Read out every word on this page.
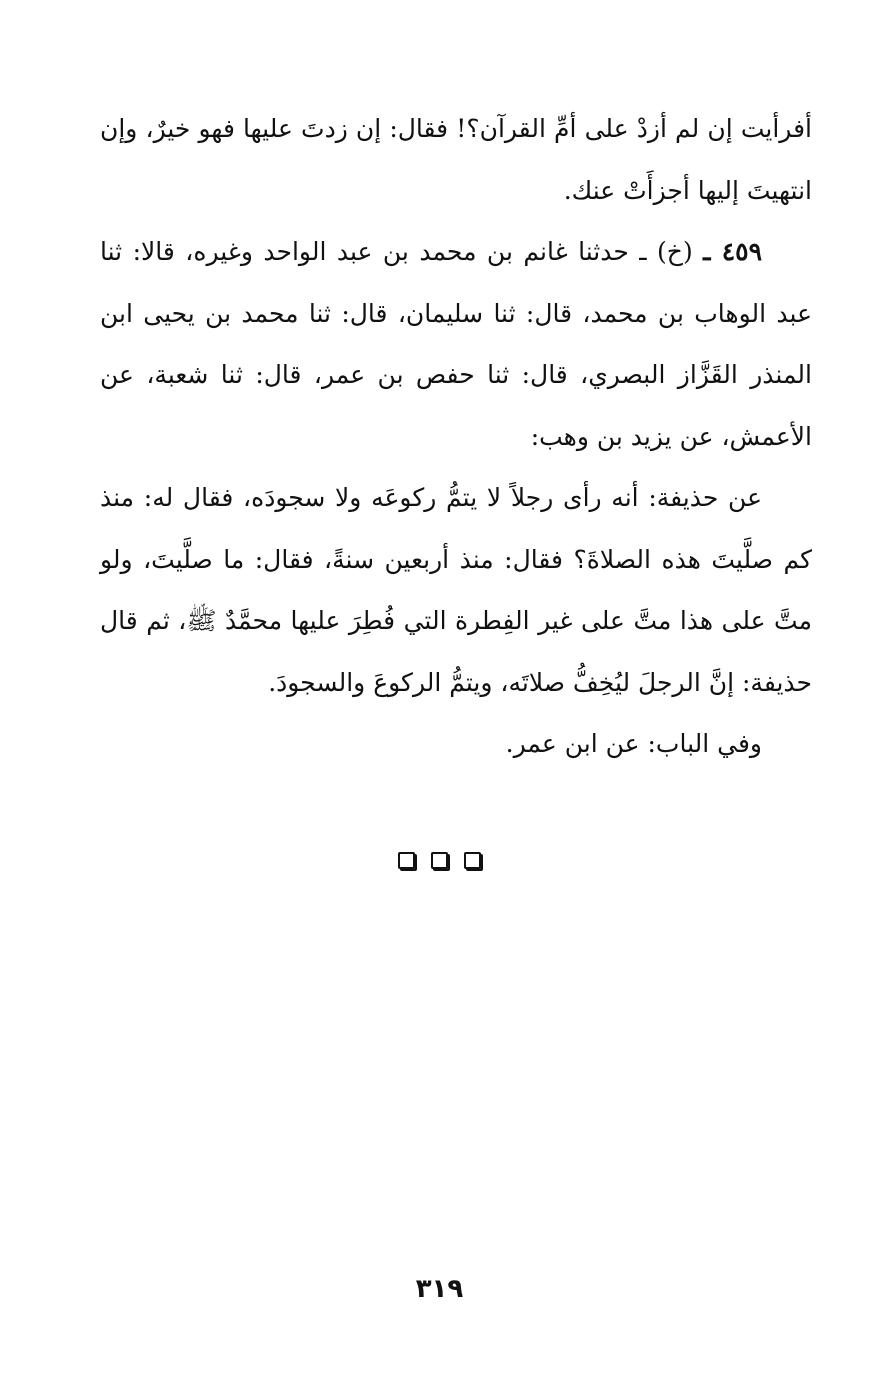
أفرأيت إن لم أزدْ على أمِّ القرآن؟! فقال: إن زدتَ عليها فهو خيرٌ، وإن انتهيتَ إليها أجزأَتْ عنك.

٤٥٩ ـ (خ) ـ حدثنا غانم بن محمد بن عبد الواحد وغيره، قالا: ثنا عبد الوهاب بن محمد، قال: ثنا سليمان، قال: ثنا محمد بن يحيى ابن المنذر القَزَّاز البصري، قال: ثنا حفص بن عمر، قال: ثنا شعبة، عن الأعمش، عن يزيد بن وهب:

عن حذيفة: أنه رأى رجلاً لا يتمُّ ركوعَه ولا سجودَه، فقال له: منذ كم صلَّيتَ هذه الصلاةَ؟ فقال: منذ أربعين سنةً، فقال: ما صلَّيتَ، ولو متَّ على هذا متَّ على غير الفِطرة التي فُطِرَ عليها محمَّدٌ ﷺ، ثم قال حذيفة: إنَّ الرجلَ ليُخِفُّ صلاتَه، ويتمُّ الركوعَ والسجودَ.

وفي الباب: عن ابن عمر.

٣١٩
